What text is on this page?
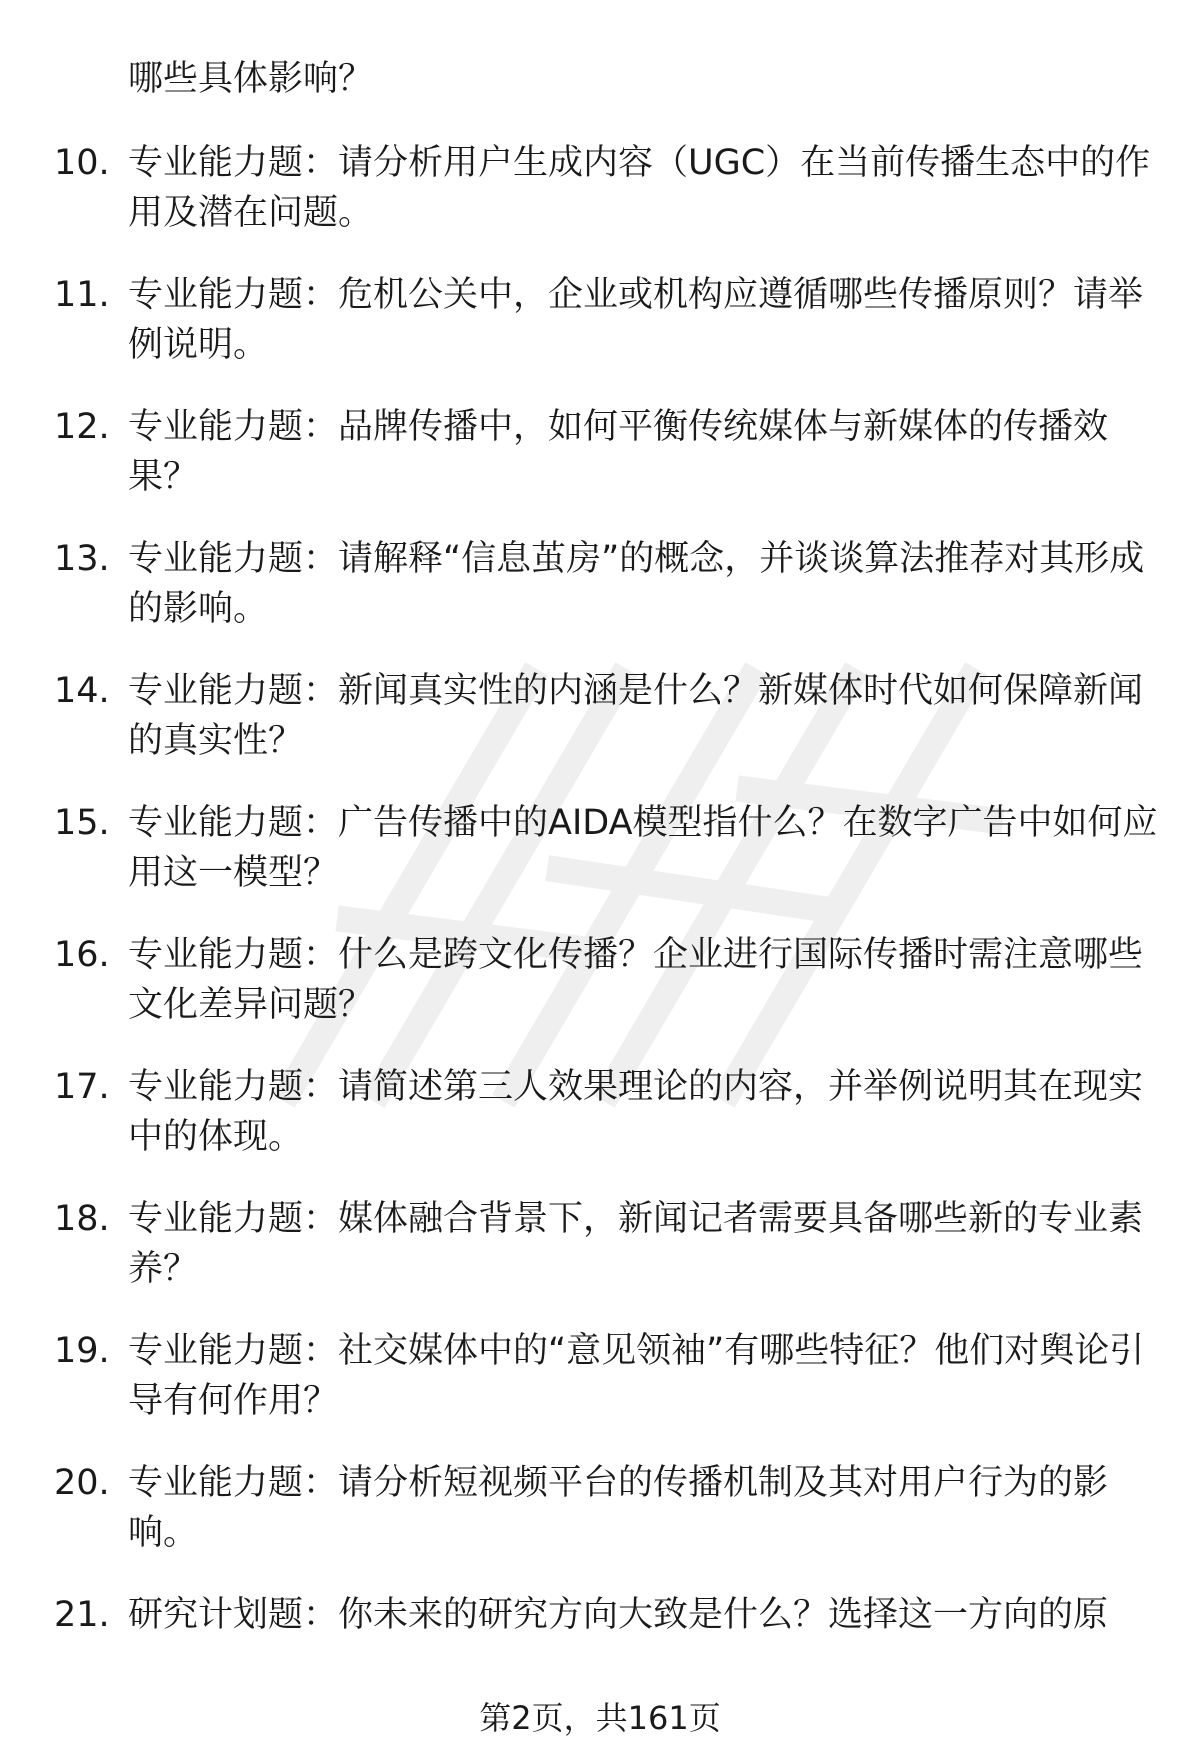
哪些具体影响？
10. 专业能力题：请分析用户生成内容（UGC）在当前传播生态中的作用及潜在问题。
11. 专业能力题：危机公关中，企业或机构应遵循哪些传播原则？请举例说明。
12. 专业能力题：品牌传播中，如何平衡传统媒体与新媒体的传播效果？
13. 专业能力题：请解释“信息茧房”的概念，并谈谈算法推荐对其形成的影响。
14. 专业能力题：新闻真实性的内涵是什么？新媒体时代如何保障新闻的真实性？
15. 专业能力题：广告传播中的AIDA模型指什么？在数字广告中如何应用这一模型？
16. 专业能力题：什么是跨文化传播？企业进行国际传播时需注意哪些文化差异问题？
17. 专业能力题：请简述第三人效果理论的内容，并举例说明其在现实中的体现。
18. 专业能力题：媒体融合背景下，新闻记者需要具备哪些新的专业素养？
19. 专业能力题：社交媒体中的“意见领袖”有哪些特征？他们对舆论引导有何作用？
20. 专业能力题：请分析短视频平台的传播机制及其对用户行为的影响。
21. 研究计划题：你未来的研究方向大致是什么？选择这一方向的原
第2页，共161页
